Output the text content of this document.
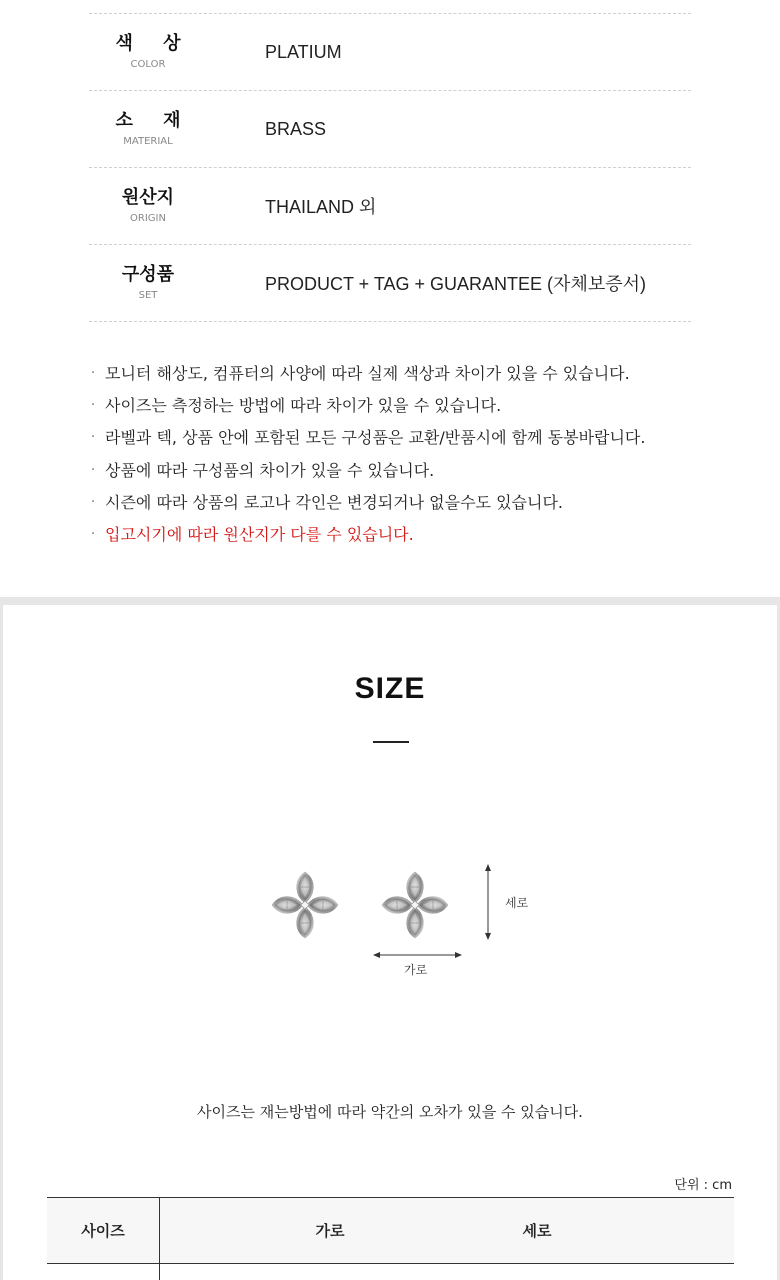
색 상
COLOR
PLATIUM
소 재
MATERIAL
BRASS
원산지
ORIGIN
THAILAND 외
구성품
SET
PRODUCT + TAG + GUARANTEE (자체보증서)
· 모니터 해상도, 컴퓨터의 사양에 따라 실제 색상과 차이가 있을 수 있습니다.
· 사이즈는 측정하는 방법에 따라 차이가 있을 수 있습니다.
· 라벨과 텍, 상품 안에 포함된 모든 구성품은 교환/반품시에 함께 동봉바랍니다.
· 상품에 따라 구성품의 차이가 있을 수 있습니다.
· 시즌에 따라 상품의 로고나 각인은 변경되거나 없을수도 있습니다.
· 입고시기에 따라 원산지가 다를 수 있습니다.
SIZE
세로
가로
사이즈는 재는방법에 따라 약간의 오차가 있을 수 있습니다.
단위 : cm
사이즈	가로	세로
